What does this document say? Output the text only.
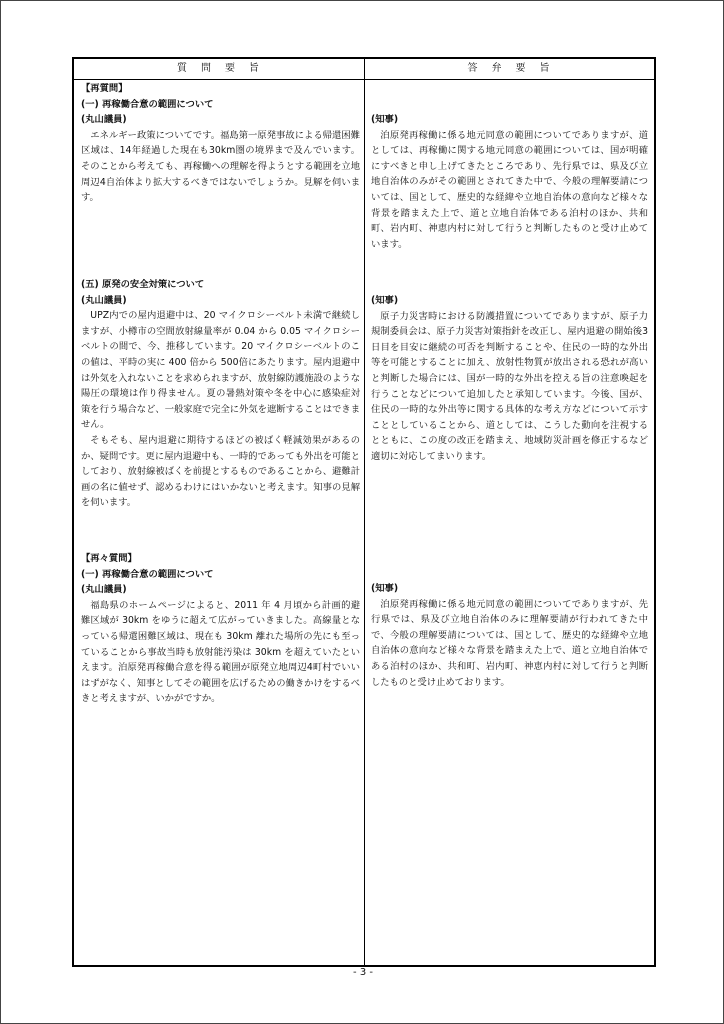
質　問　要　旨	答　弁　要　旨
【再質問】
(一) 再稼働合意の範囲について
(丸山議員)

エネルギー政策についてです。福島第一原発事故による帰還困難区域は、14年経過した現在も30km圏の境界まで及んでいます。そのことから考えても、再稼働への理解を得ようとする範囲を立地周辺4自治体より拡大するべきではないでしょうか。見解を伺います。

(五) 原発の安全対策について
(丸山議員)

UPZ内での屋内退避中は、20 マイクロシーベルト未満で継続しますが、小樽市の空間放射線量率が 0.04 から 0.05 マイクロシーベルトの間で、今、推移しています。20 マイクロシーベルトのこの値は、平時の実に 400 倍から 500倍にあたります。屋内退避中は外気を入れないことを求められますが、放射線防護施設のような陽圧の環境は作り得ません。夏の暑熱対策や冬を中心に感染症対策を行う場合など、一般家庭で完全に外気を遮断することはできません。

そもそも、屋内退避に期待するほどの被ばく軽減効果があるのか、疑問です。更に屋内退避中も、一時的であっても外出を可能としており、放射線被ばくを前提とするものであることから、避難計画の名に値せず、認めるわけにはいかないと考えます。知事の見解を伺います。

【再々質問】
(一) 再稼働合意の範囲について
(丸山議員)

福島県のホームページによると、2011 年 4 月頃から計画的避難区域が 30km をゆうに超えて広がっていきました。高線量となっている帰還困難区域は、現在も 30km 離れた場所の先にも至っていることから事故当時も放射能汚染は 30km を超えていたといえます。泊原発再稼働合意を得る範囲が原発立地周辺4町村でいいはずがなく、知事としてその範囲を広げるための働きかけをするべきと考えますが、いかがですか。

(知事)

泊原発再稼働に係る地元同意の範囲についてでありますが、道としては、再稼働に関する地元同意の範囲については、国が明確にすべきと申し上げてきたところであり、先行県では、県及び立地自治体のみがその範囲とされてきた中で、今般の理解要請については、国として、歴史的な経緯や立地自治体の意向など様々な背景を踏まえた上で、道と立地自治体である泊村のほか、共和町、岩内町、神恵内村に対して行うと判断したものと受け止めています。

(知事)

原子力災害時における防護措置についてでありますが、原子力規制委員会は、原子力災害対策指針を改正し、屋内退避の開始後3日目を目安に継続の可否を判断することや、住民の一時的な外出等を可能とすることに加え、放射性物質が放出される恐れが高いと判断した場合には、国が一時的な外出を控える旨の注意喚起を行うことなどについて追加したと承知しています。今後、国が、住民の一時的な外出等に関する具体的な考え方などについて示すこととしていることから、道としては、こうした動向を注視するとともに、この度の改正を踏まえ、地域防災計画を修正するなど適切に対応してまいります。

(知事)

泊原発再稼働に係る地元同意の範囲についてでありますが、先行県では、県及び立地自治体のみに理解要請が行われてきた中で、今般の理解要請については、国として、歴史的な経緯や立地自治体の意向など様々な背景を踏まえた上で、道と立地自治体である泊村のほか、共和町、岩内町、神恵内村に対して行うと判断したものと受け止めております。

- 3 -
